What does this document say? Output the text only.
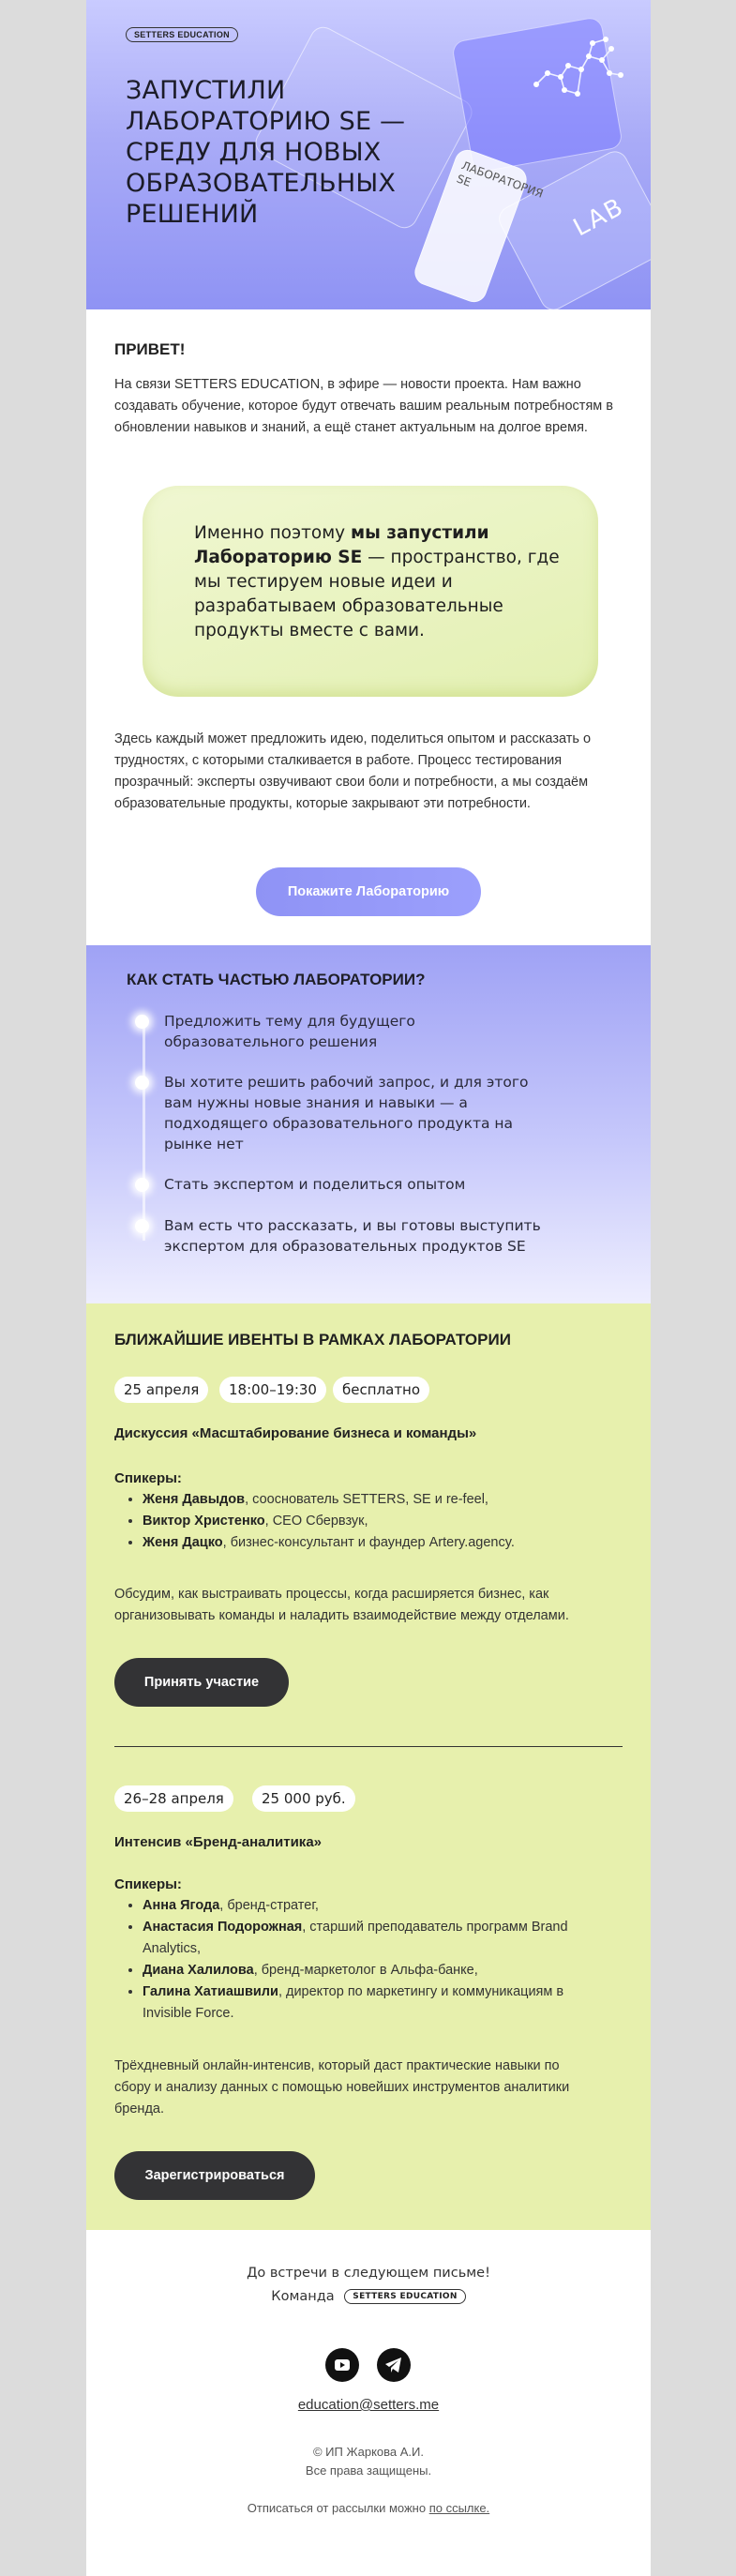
SETTERS EDUCATION
LAB
ЛАБОРАТОРИЯ SE
ЗАПУСТИЛИ ЛАБОРАТОРИЮ SE — СРЕДУ ДЛЯ НОВЫХ ОБРАЗОВАТЕЛЬНЫХ РЕШЕНИЙ
ПРИВЕТ!

На связи SETTERS EDUCATION, в эфире — новости проекта. Нам важно создавать обучение, которое будут отвечать вашим реальным потребностям в обновлении навыков и знаний, а ещё станет актуальным на долгое время.

Именно поэтому мы запустили Лабораторию SE — пространство, где мы тестируем новые идеи и разрабатываем образовательные продукты вместе с вами.

Здесь каждый может предложить идею, поделиться опытом и рассказать о трудностях, с которыми сталкивается в работе. Процесс тестирования прозрачный: эксперты озвучивают свои боли и потребности, а мы создаём образовательные продукты, которые закрывают эти потребности.

Покажите Лабораторию
КАК СТАТЬ ЧАСТЬЮ ЛАБОРАТОРИИ?
Предложить тему для будущего образовательного решения
Вы хотите решить рабочий запрос, и для этого вам нужны новые знания и навыки — а подходящего образовательного продукта на рынке нет
Стать экспертом и поделиться опытом
Вам есть что рассказать, и вы готовы выступить экспертом для образовательных продуктов SE
БЛИЖАЙШИЕ ИВЕНТЫ В РАМКАХ ЛАБОРАТОРИИ
25 апреля	18:00–19:30	бесплатно
Дискуссия «Масштабирование бизнеса и команды»
Спикеры:
• Женя Давыдов, сооснователь SETTERS, SE и re-feel,
• Виктор Христенко, CEO Сбервзук,
• Женя Дацко, бизнес-консультант и фаундер Artery.agency.

Обсудим, как выстраивать процессы, когда расширяется бизнес, как организовывать команды и наладить взаимодействие между отделами.

Принять участие
26–28 апреля	25 000 руб.
Интенсив «Бренд-аналитика»
Спикеры:
• Анна Ягода, бренд-стратег,
• Анастасия Подорожная, старший преподаватель программ Brand Analytics,
• Диана Халилова, бренд-маркетолог в Альфа-банке,
• Галина Хатиашвили, директор по маркетингу и коммуникациям в Invisible Force.

Трёхдневный онлайн-интенсив, который даст практические навыки по сбору и анализу данных с помощью новейших инструментов аналитики бренда.

Зарегистрироваться
До встречи в следующем письме!
Команда SETTERS EDUCATION
education@setters.me
© ИП Жаркова А.И.
Все права защищены.
Отписаться от рассылки можно по ссылке.
